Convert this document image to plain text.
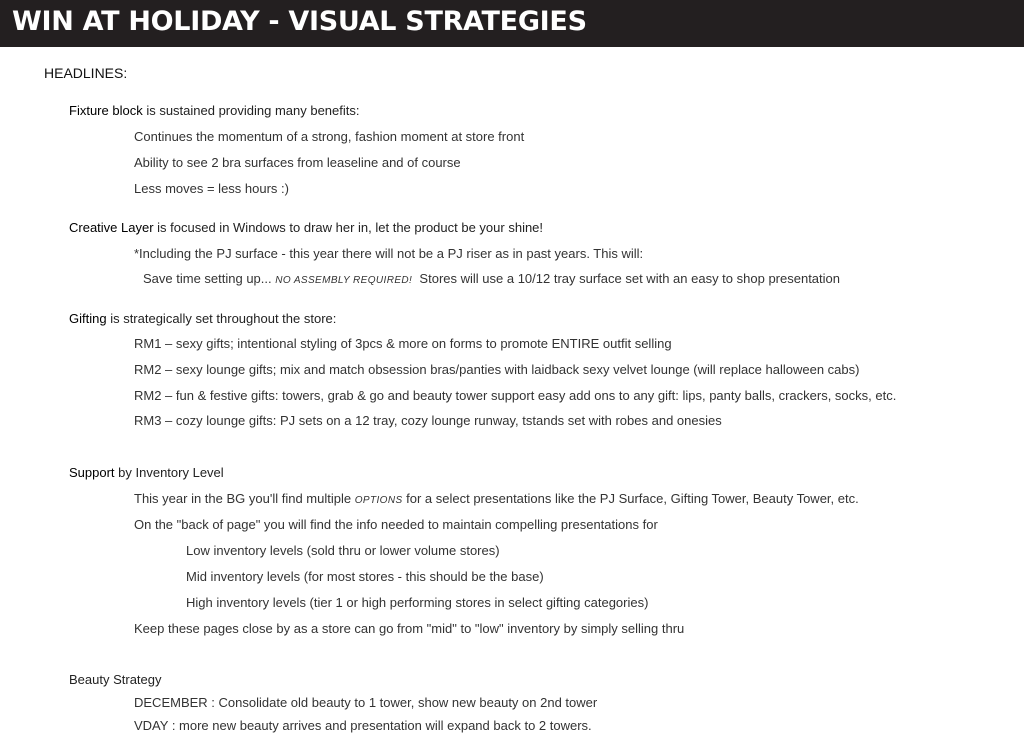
WIN AT HOLIDAY - VISUAL STRATEGIES
HEADLINES:
Fixture block is sustained providing many benefits:
Continues the momentum of a strong, fashion moment at store front
Ability to see 2 bra surfaces from leaseline and of course
Less moves = less hours :)
Creative Layer is focused in Windows to draw her in, let the product be your shine!
*Including the PJ surface - this year there will not be a PJ riser as in past years. This will:
Save time setting up... NO ASSEMBLY REQUIRED!  Stores will use a 10/12 tray surface set with an easy to shop presentation
Gifting is strategically set throughout the store:
RM1 – sexy gifts; intentional styling of 3pcs & more on forms to promote ENTIRE outfit selling
RM2 – sexy lounge gifts; mix and match obsession bras/panties with laidback sexy velvet lounge (will replace halloween cabs)
RM2 – fun & festive gifts: towers, grab & go and beauty tower support easy add ons to any gift: lips, panty balls, crackers, socks, etc.
RM3 – cozy lounge gifts: PJ sets on a 12 tray, cozy lounge runway, tstands set with robes and onesies
Support by Inventory Level
This year in the BG you'll find multiple OPTIONS for a select presentations like the PJ Surface, Gifting Tower, Beauty Tower, etc.
On the "back of page" you will find the info needed to maintain compelling presentations for
Low inventory levels (sold thru or lower volume stores)
Mid inventory levels (for most stores - this should be the base)
High inventory levels (tier 1 or high performing stores in select gifting categories)
Keep these pages close by as a store can go from "mid" to "low" inventory by simply selling thru
Beauty Strategy
DECEMBER : Consolidate old beauty to 1 tower, show new beauty on 2nd tower
VDAY : more new beauty arrives and presentation will expand back to 2 towers.
